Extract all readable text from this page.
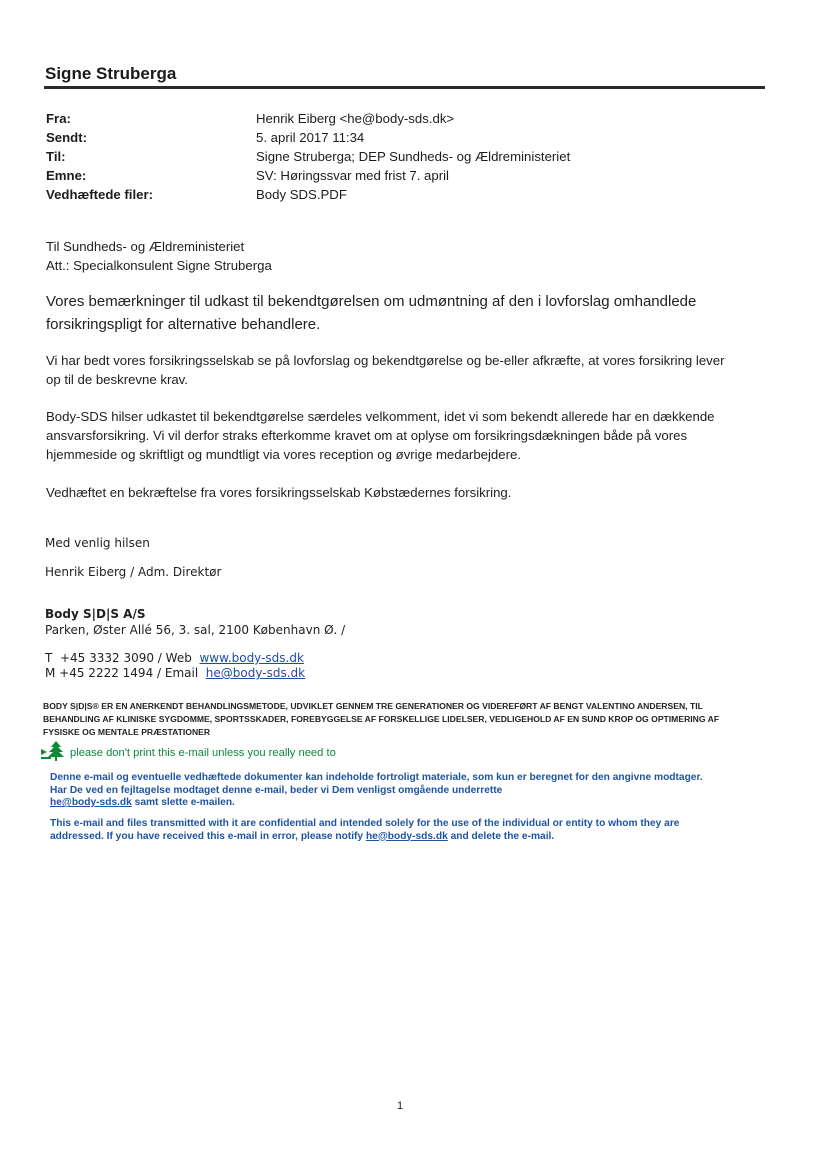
Signe Struberga
Fra:	Henrik Eiberg <he@body-sds.dk>
Sendt:	5. april 2017 11:34
Til:	Signe Struberga; DEP Sundheds- og Ældreministeriet
Emne:	SV: Høringssvar med frist 7. april
Vedhæftede filer:	Body SDS.PDF
Til Sundheds- og Ældreministeriet
Att.: Specialkonsulent Signe Struberga
Vores bemærkninger til udkast til bekendtgørelsen om udmøntning af den i lovforslag omhandlede
forsikringspligt for alternative behandlere.
Vi har bedt vores forsikringsselskab se på lovforslag og bekendtgørelse og be-eller afkræfte, at vores forsikring lever
op til de beskrevne krav.
Body-SDS hilser udkastet til bekendtgørelse særdeles velkomment, idet vi som bekendt allerede har en dækkende
ansvarsforsikring. Vi vil derfor straks efterkomme kravet om at oplyse om forsikringsdækningen både på vores
hjemmeside og skriftligt og mundtligt via vores reception og øvrige medarbejdere.
Vedhæftet en bekræftelse fra vores forsikringsselskab Købstædernes forsikring.
Med venlig hilsen
Henrik Eiberg / Adm. Direktør
Body S|D|S A/S
Parken, Øster Allé 56, 3. sal, 2100 København Ø. /
T  +45 3332 3090 / Web  www.body-sds.dk
M +45 2222 1494 / Email  he@body-sds.dk
BODY S|D|S® ER EN ANERKENDT BEHANDLINGSMETODE, UDVIKLET GENNEM TRE GENERATIONER OG VIDEREFØRT AF BENGT VALENTINO ANDERSEN, TIL
BEHANDLING AF KLINISKE SYGDOMME, SPORTSSKADER, FOREBYGGELSE AF FORSKELLIGE LIDELSER, VEDLIGEHOLD AF EN SUND KROP OG OPTIMERING AF
FYSISKE OG MENTALE PRÆSTATIONER
please don't print this e-mail unless you really need to
Denne e-mail og eventuelle vedhæftede dokumenter kan indeholde fortroligt materiale, som kun er beregnet for den angivne modtager.
Har De ved en fejltagelse modtaget denne e-mail, beder vi Dem venligst omgående underrette
he@body-sds.dk samt slette e-mailen.
This e-mail and files transmitted with it are confidential and intended solely for the use of the individual or entity to whom they are
addressed. If you have received this e-mail in error, please notify he@body-sds.dk and delete the e-mail.
1
